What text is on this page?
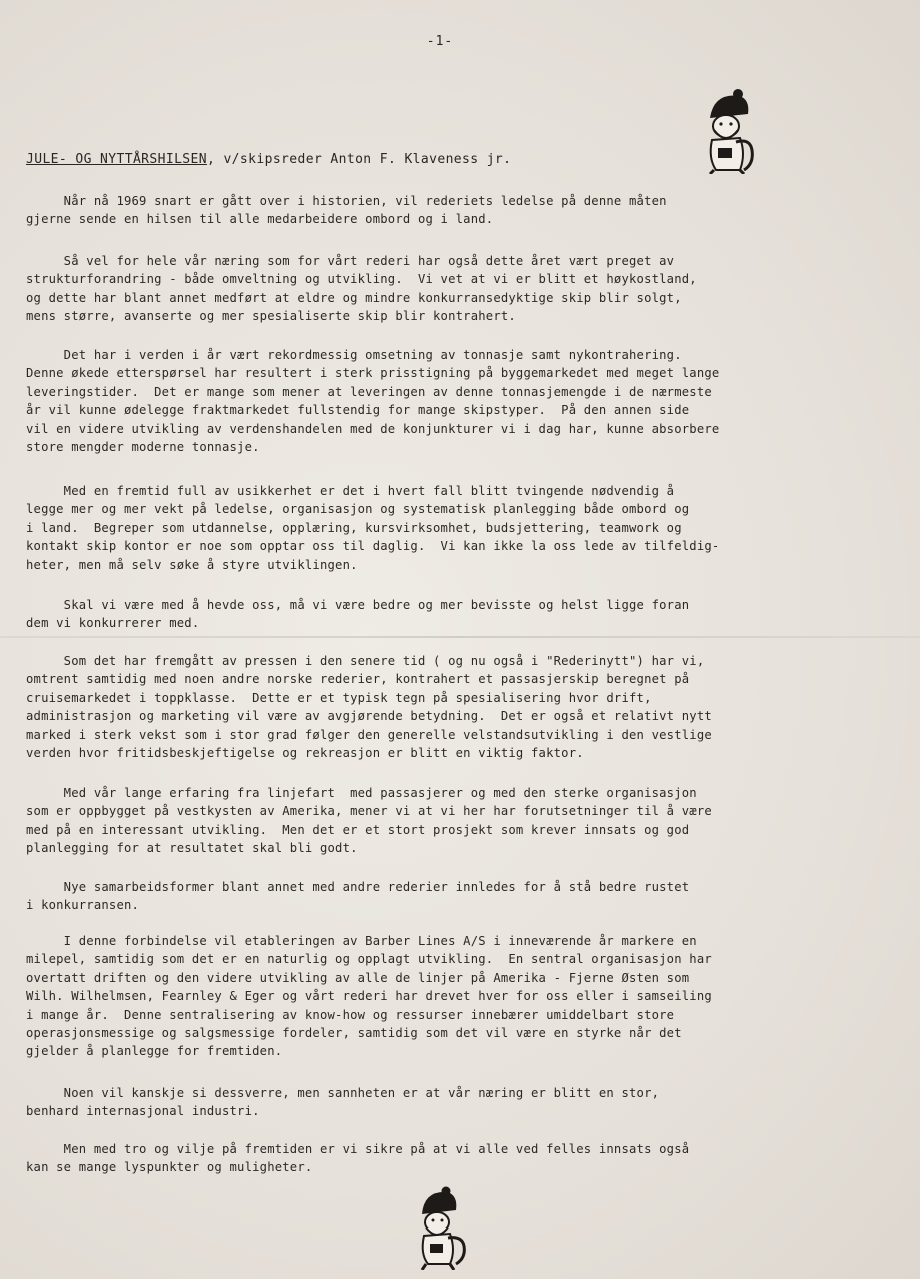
-1-
JULE- OG NYTTÅRSHILSEN, v/skipsreder Anton F. Klaveness jr.

Når nå 1969 snart er gått over i historien, vil rederiets ledelse på denne måten
gjerne sende en hilsen til alle medarbeidere ombord og i land.

Så vel for hele vår næring som for vårt rederi har også dette året vært preget av
strukturforandring - både omveltning og utvikling.  Vi vet at vi er blitt et høykostland,
og dette har blant annet medført at eldre og mindre konkurransedyktige skip blir solgt,
mens større, avanserte og mer spesialiserte skip blir kontrahert.

Det har i verden i år vært rekordmessig omsetning av tonnasje samt nykontrahering.
Denne økede etterspørsel har resultert i sterk prisstigning på byggemarkedet med meget lange
leveringstider.  Det er mange som mener at leveringen av denne tonnasjemengde i de nærmeste
år vil kunne ødelegge fraktmarkedet fullstendig for mange skipstyper.  På den annen side
vil en videre utvikling av verdenshandelen med de konjunkturer vi i dag har, kunne absorbere
store mengder moderne tonnasje.

Med en fremtid full av usikkerhet er det i hvert fall blitt tvingende nødvendig å
legge mer og mer vekt på ledelse, organisasjon og systematisk planlegging både ombord og
i land.  Begreper som utdannelse, opplæring, kursvirksomhet, budsjettering, teamwork og
kontakt skip kontor er noe som opptar oss til daglig.  Vi kan ikke la oss lede av tilfeldig-
heter, men må selv søke å styre utviklingen.

Skal vi være med å hevde oss, må vi være bedre og mer bevisste og helst ligge foran
dem vi konkurrerer med.

Som det har fremgått av pressen i den senere tid ( og nu også i "Rederinytt") har vi,
omtrent samtidig med noen andre norske rederier, kontrahert et passasjerskip beregnet på
cruisemarkedet i toppklasse.  Dette er et typisk tegn på spesialisering hvor drift,
administrasjon og marketing vil være av avgjørende betydning.  Det er også et relativt nytt
marked i sterk vekst som i stor grad følger den generelle velstandsutvikling i den vestlige
verden hvor fritidsbeskjeftigelse og rekreasjon er blitt en viktig faktor.

Med vår lange erfaring fra linjefart  med passasjerer og med den sterke organisasjon
som er oppbygget på vestkysten av Amerika, mener vi at vi her har forutsetninger til å være
med på en interessant utvikling.  Men det er et stort prosjekt som krever innsats og god
planlegging for at resultatet skal bli godt.

Nye samarbeidsformer blant annet med andre rederier innledes for å stå bedre rustet
i konkurransen.

I denne forbindelse vil etableringen av Barber Lines A/S i inneværende år markere en
milepel, samtidig som det er en naturlig og opplagt utvikling.  En sentral organisasjon har
overtatt driften og den videre utvikling av alle de linjer på Amerika - Fjerne Østen som
Wilh. Wilhelmsen, Fearnley & Eger og vårt rederi har drevet hver for oss eller i samseiling
i mange år.  Denne sentralisering av know-how og ressurser innebærer umiddelbart store
operasjonsmessige og salgsmessige fordeler, samtidig som det vil være en styrke når det
gjelder å planlegge for fremtiden.

Noen vil kanskje si dessverre, men sannheten er at vår næring er blitt en stor,
benhard internasjonal industri.

Men med tro og vilje på fremtiden er vi sikre på at vi alle ved felles innsats også
kan se mange lyspunkter og muligheter.
